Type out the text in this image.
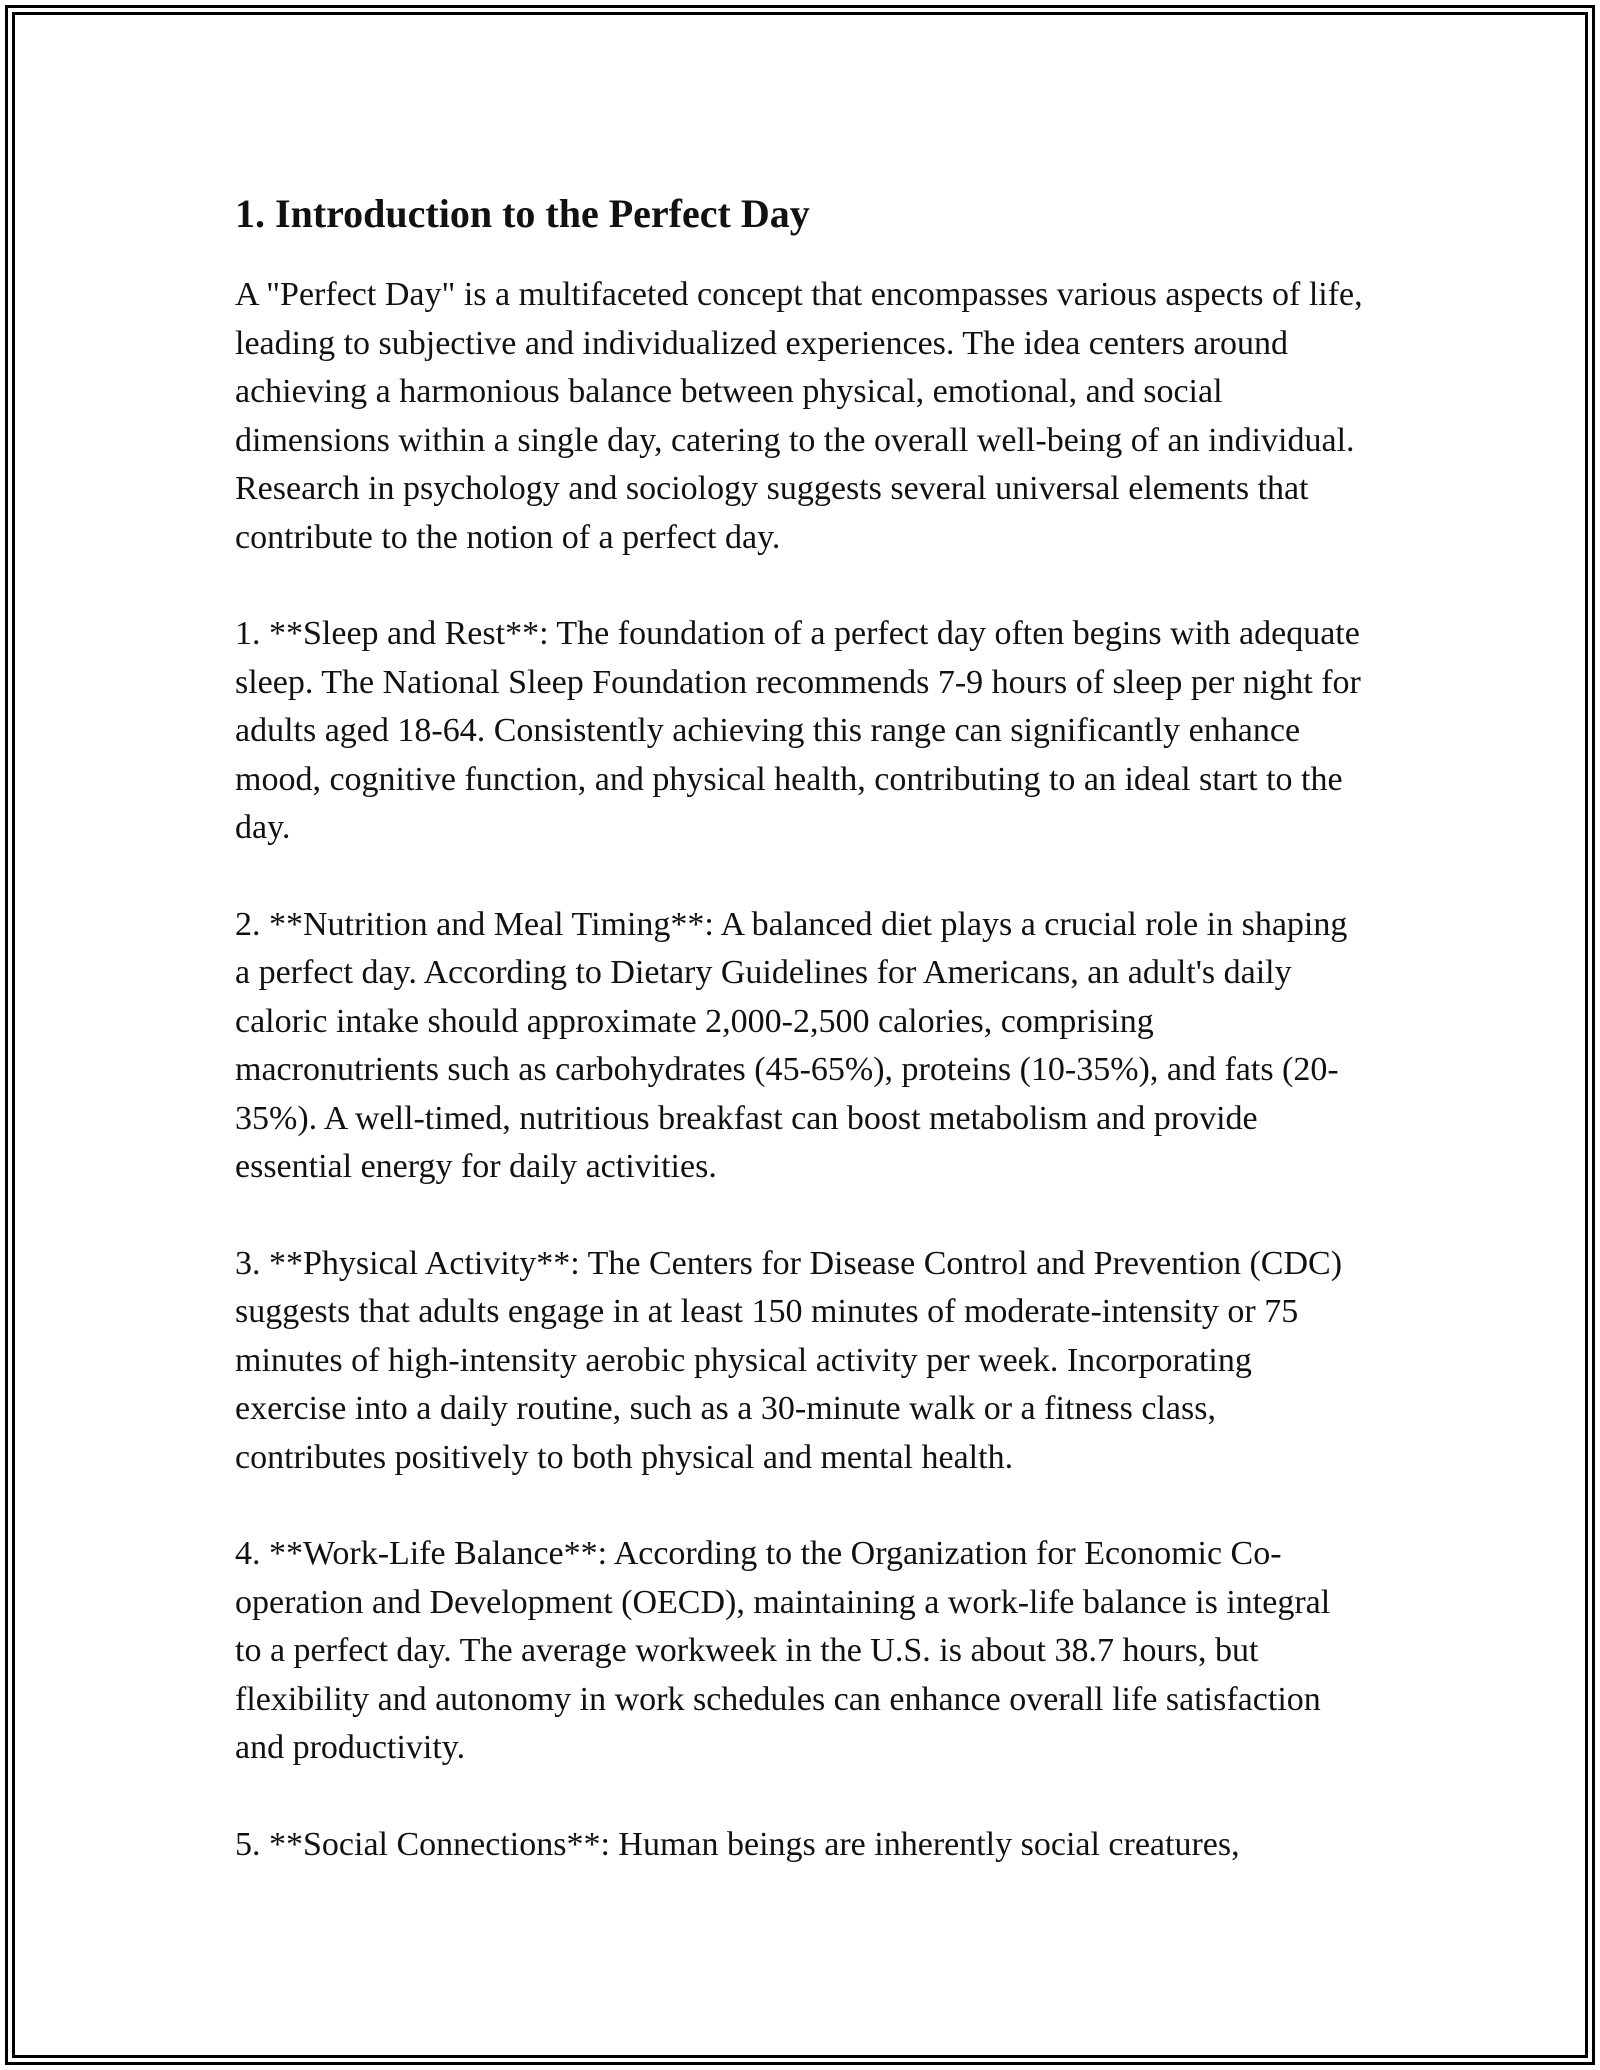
1. Introduction to the Perfect Day

A "Perfect Day" is a multifaceted concept that encompasses various aspects of life, leading to subjective and individualized experiences. The idea centers around achieving a harmonious balance between physical, emotional, and social dimensions within a single day, catering to the overall well-being of an individual. Research in psychology and sociology suggests several universal elements that contribute to the notion of a perfect day.

1. **Sleep and Rest**: The foundation of a perfect day often begins with adequate sleep. The National Sleep Foundation recommends 7-9 hours of sleep per night for adults aged 18-64. Consistently achieving this range can significantly enhance mood, cognitive function, and physical health, contributing to an ideal start to the day.

2. **Nutrition and Meal Timing**: A balanced diet plays a crucial role in shaping a perfect day. According to Dietary Guidelines for Americans, an adult's daily caloric intake should approximate 2,000-2,500 calories, comprising macronutrients such as carbohydrates (45-65%), proteins (10-35%), and fats (20-35%). A well-timed, nutritious breakfast can boost metabolism and provide essential energy for daily activities.

3. **Physical Activity**: The Centers for Disease Control and Prevention (CDC) suggests that adults engage in at least 150 minutes of moderate-intensity or 75 minutes of high-intensity aerobic physical activity per week. Incorporating exercise into a daily routine, such as a 30-minute walk or a fitness class, contributes positively to both physical and mental health.

4. **Work-Life Balance**: According to the Organization for Economic Co-operation and Development (OECD), maintaining a work-life balance is integral to a perfect day. The average workweek in the U.S. is about 38.7 hours, but flexibility and autonomy in work schedules can enhance overall life satisfaction and productivity.

5. **Social Connections**: Human beings are inherently social creatures,
